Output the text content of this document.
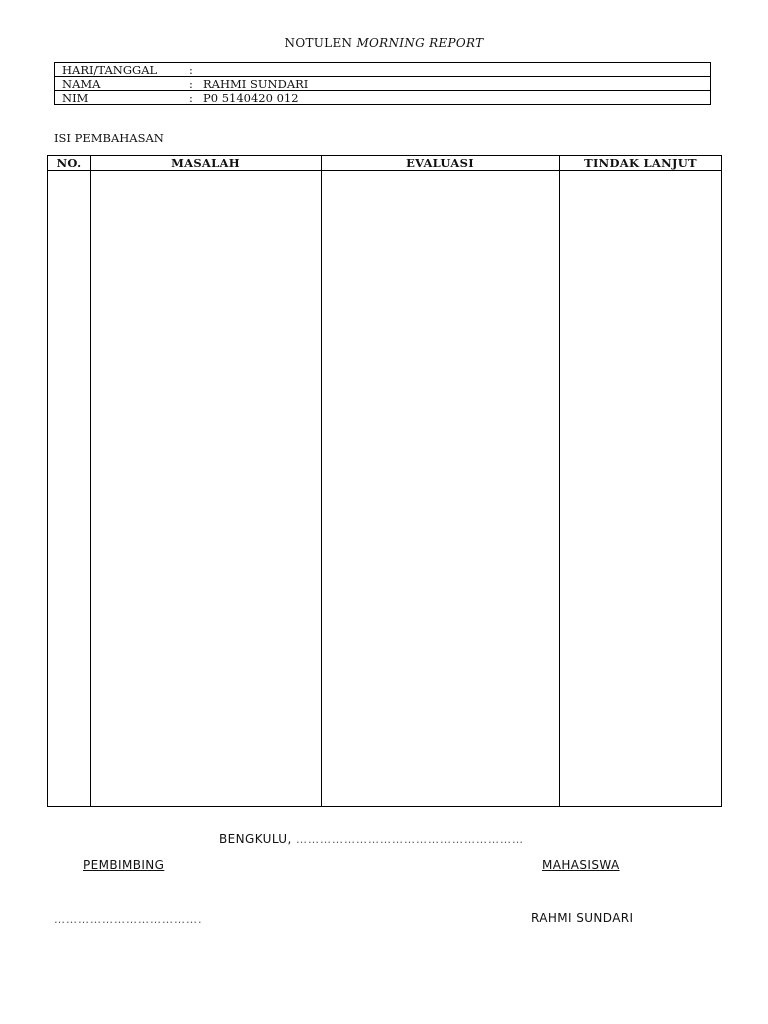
NOTULEN MORNING REPORT
HARI/TANGGAL	:
NAMA	: RAHMI SUNDARI
NIM	: P0 5140420 012
ISI PEMBAHASAN
NO.	MASALAH	EVALUASI	TINDAK LANJUT
BENGKULU, …………………………………………………
PEMBIMBING	MAHASISWA
……………………………….	RAHMI SUNDARI
